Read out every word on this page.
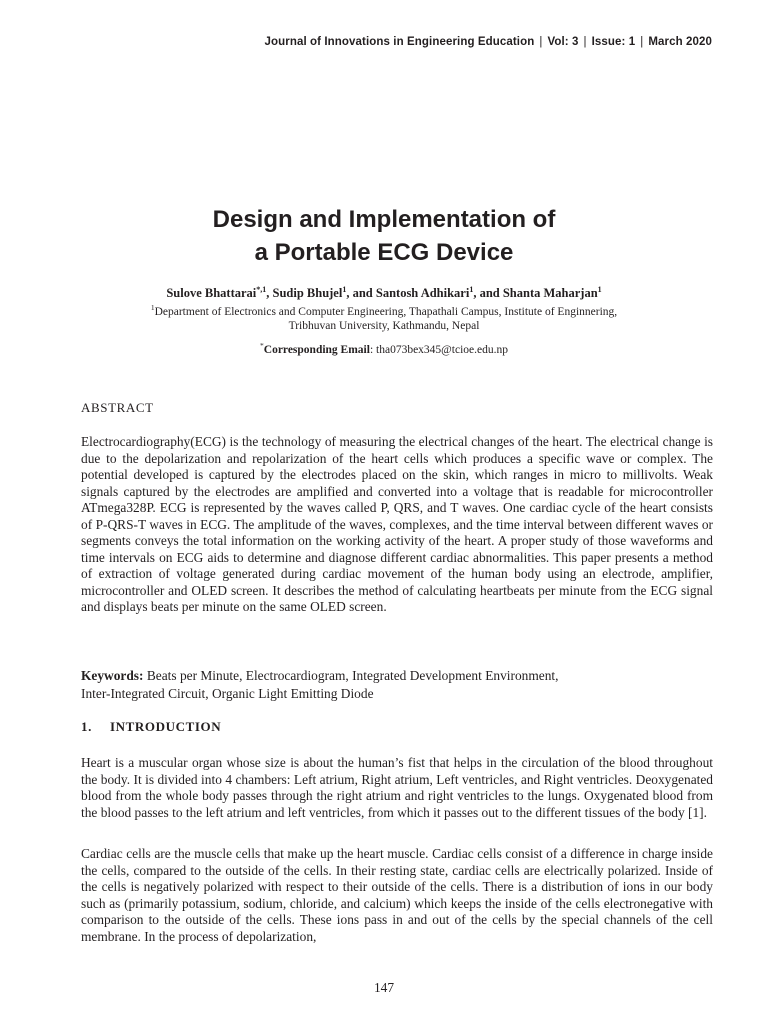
Journal of Innovations in Engineering Education | Vol: 3 | Issue: 1 | March 2020
Design and Implementation of
a Portable ECG Device
Sulove Bhattarai$^{*,1}$, Sudip Bhujel$^1$, and Santosh Adhikari$^1$, and Shanta Maharjan$^1$
$^1$Department of Electronics and Computer Engineering, Thapathali Campus, Institute of Enginnering,
Tribhuvan University, Kathmandu, Nepal
*Corresponding Email: tha073bex345@tcioe.edu.np
ABSTRACT
Electrocardiography(ECG) is the technology of measuring the electrical changes of the heart. The electrical change is due to the depolarization and repolarization of the heart cells which produces a specific wave or complex. The potential developed is captured by the electrodes placed on the skin, which ranges in micro to millivolts. Weak signals captured by the electrodes are amplified and converted into a voltage that is readable for microcontroller ATmega328P. ECG is represented by the waves called P, QRS, and T waves. One cardiac cycle of the heart consists of P-QRS-T waves in ECG. The amplitude of the waves, complexes, and the time interval between different waves or segments conveys the total information on the working activity of the heart. A proper study of those waveforms and time intervals on ECG aids to determine and diagnose different cardiac abnormalities. This paper presents a method of extraction of voltage generated during cardiac movement of the human body using an electrode, amplifier, microcontroller and OLED screen. It describes the method of calculating heartbeats per minute from the ECG signal and displays beats per minute on the same OLED screen.
Keywords: Beats per Minute, Electrocardiogram, Integrated Development Environment,
Inter-Integrated Circuit, Organic Light Emitting Diode
1. INTRODUCTION
Heart is a muscular organ whose size is about the human’s fist that helps in the circulation of the blood throughout the body. It is divided into 4 chambers: Left atrium, Right atrium, Left ventricles, and Right ventricles. Deoxygenated blood from the whole body passes through the right atrium and right ventricles to the lungs. Oxygenated blood from the blood passes to the left atrium and left ventricles, from which it passes out to the different tissues of the body [1].
Cardiac cells are the muscle cells that make up the heart muscle. Cardiac cells consist of a difference in charge inside the cells, compared to the outside of the cells. In their resting state, cardiac cells are electrically polarized. Inside of the cells is negatively polarized with respect to their outside of the cells. There is a distribution of ions in our body such as (primarily potassium, sodium, chloride, and calcium) which keeps the inside of the cells electronegative with comparison to the outside of the cells. These ions pass in and out of the cells by the special channels of the cell membrane. In the process of depolarization,
147
